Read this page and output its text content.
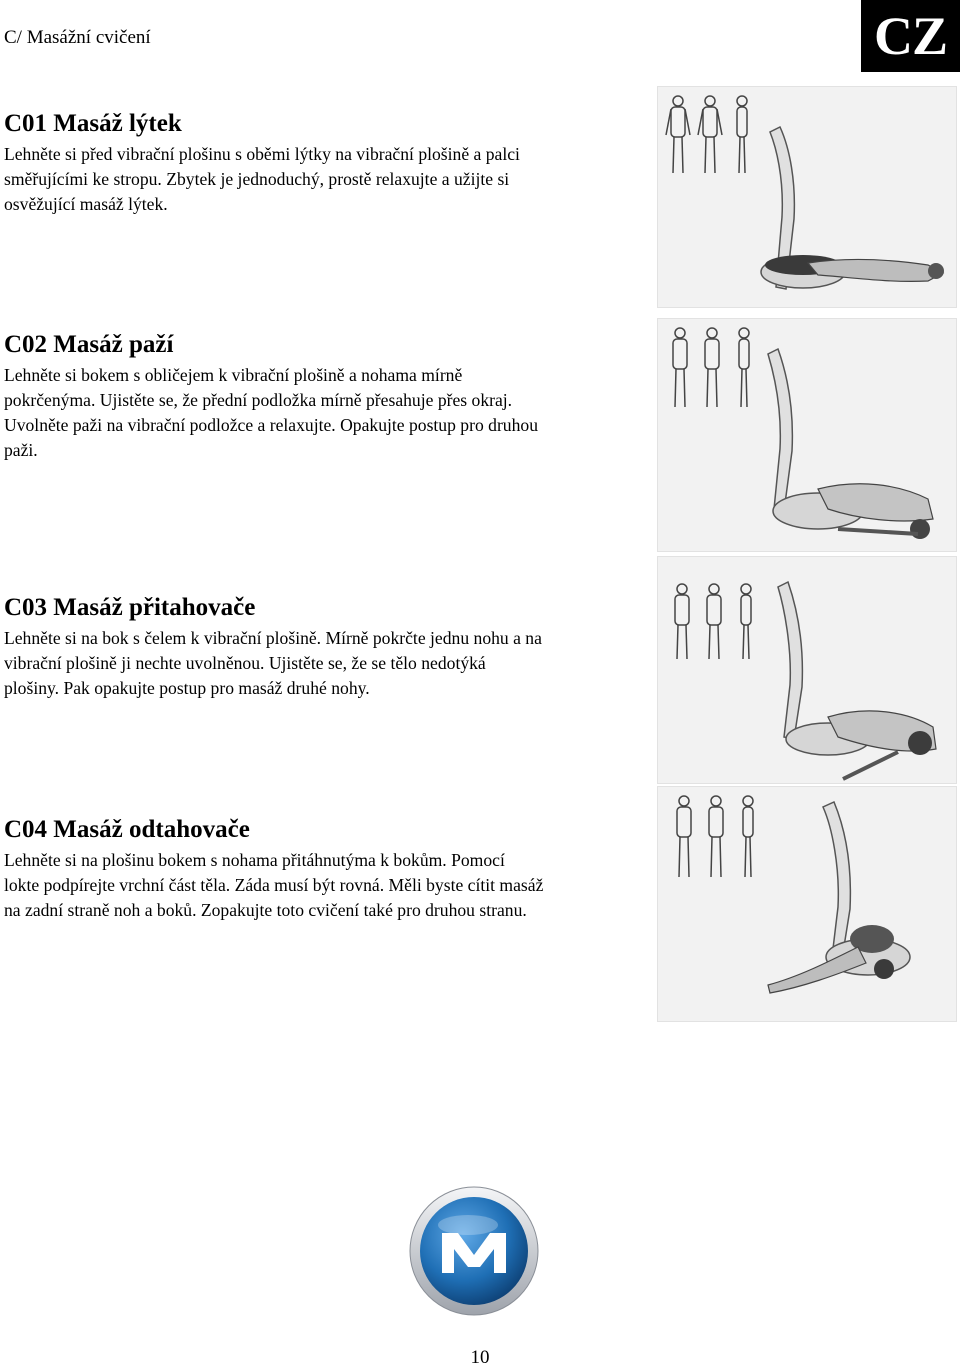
C/ Masážní cvičení	CZ
C01 Masáž lýtek

Lehněte si před vibrační plošinu s oběmi lýtky na vibrační plošině a palci
směřujícími ke stropu. Zbytek je jednoduchý, prostě relaxujte a užijte si
osvěžující masáž lýtek.

C02 Masáž paží

Lehněte si bokem s obličejem k vibrační plošině a nohama mírně
pokrčenýma. Ujistěte se, že přední podložka mírně přesahuje přes okraj.
Uvolněte paži na vibrační podložce a relaxujte. Opakujte postup pro druhou
paži.

C03 Masáž přitahovače

Lehněte si na bok s čelem k vibrační plošině. Mírně pokrčte jednu nohu a na
vibrační plošině ji nechte uvolněnou. Ujistěte se, že se tělo nedotýká
plošiny. Pak opakujte postup pro masáž druhé nohy.

C04 Masáž odtahovače

Lehněte si na plošinu bokem s nohama přitáhnutýma k bokům. Pomocí
lokte podpírejte vrchní část těla. Záda musí být rovná. Měli byste cítit masáž
na zadní straně noh a boků. Zopakujte toto cvičení také pro druhou stranu.

10
